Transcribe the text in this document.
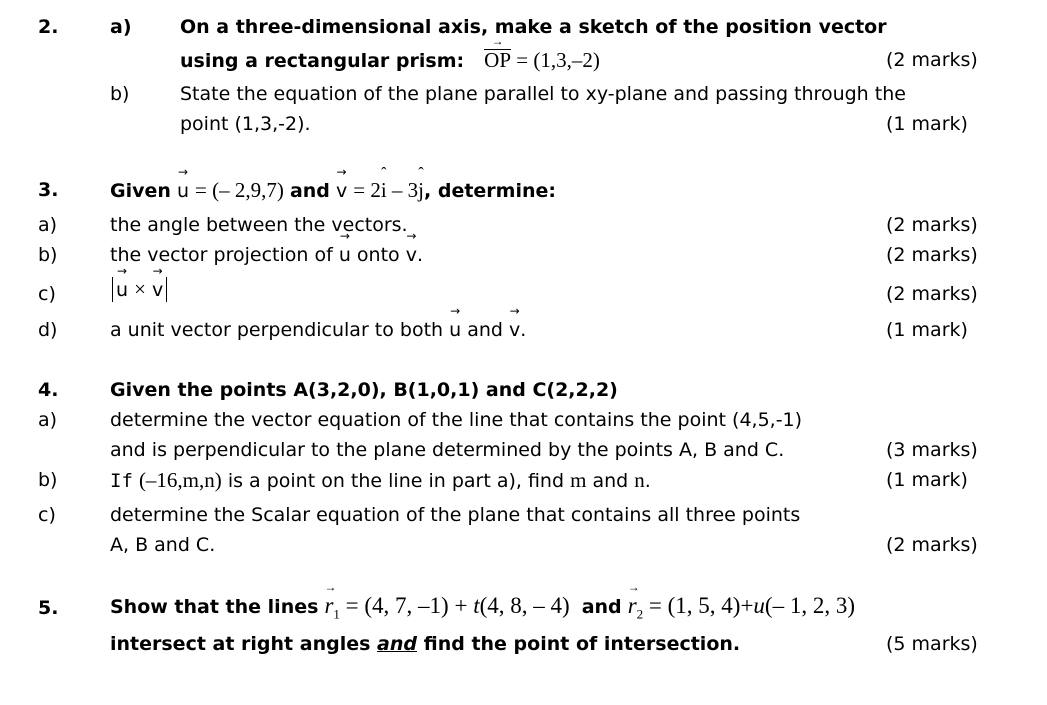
2.	a)	On a three-dimensional axis, make a sketch of the position vector
using a rectangular prism: → OP = (1,3,–2)	(2 marks)
b)	State the equation of the plane parallel to xy-plane and passing through the
point (1,3,-2).	(1 mark)
3.	Given → u = (– 2,9,7) and → v = 2ˆ i – 3ˆ j, determine:
a)	the angle between the vectors.	(2 marks)
b)	the vector projection of → u onto → v.	(2 marks)
c)	→ u × → v	(2 marks)
d)	a unit vector perpendicular to both → u and → v.	(1 mark)
4.	Given the points A(3,2,0), B(1,0,1) and C(2,2,2)
a)	determine the vector equation of the line that contains the point (4,5,-1)
and is perpendicular to the plane determined by the points A, B and C.	(3 marks)
b)	If (–16,m,n) is a point on the line in part a), find m and n.	(1 mark)
c)	determine the Scalar equation of the plane that contains all three points
A, B and C.	(2 marks)
5.	Show that the lines → $r_1 = (4$, 7, –1) + t(4, 8, – 4) and → $r_2 = (1$, 5, 4)+u(– 1, 2, 3)
intersect at right angles and find the point of intersection.	(5 marks)
